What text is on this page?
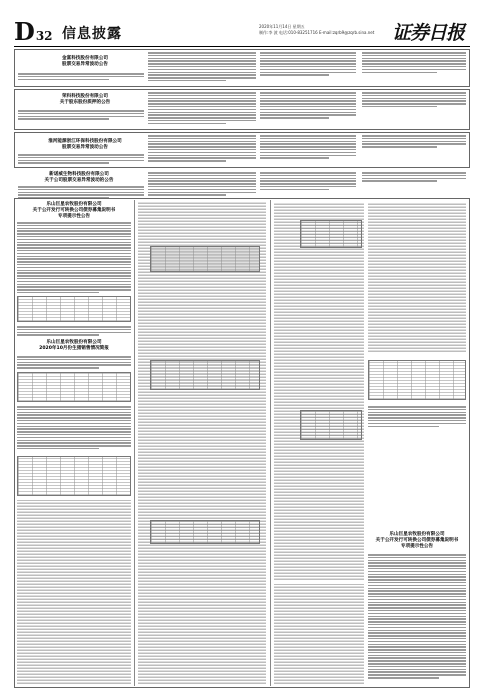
D32 信息披露	2020年11月14日 星期五
制作:李 波 电话:010-83251716 E-mail:zqrb9@zqrb.sina.net 证券日报
金富科技股份有限公司
股票交易异常波动公告
荣科科技股份有限公司
关于股东股份质押的公告
淮河能源浙江环保科技股份有限公司
股票交易异常波动公告
新诺威生物科技股份有限公司
关于公司股票交易异常波动的公告
乐山巨星农牧股份有限公司
关于公开发行可转换公司债券募集说明书
专项提示性公告
乐山巨星农牧股份有限公司
2020年10月份生猪销售情况简报
乐山巨星农牧股份有限公司
关于公开发行可转换公司债券募集说明书
专项提示性公告
